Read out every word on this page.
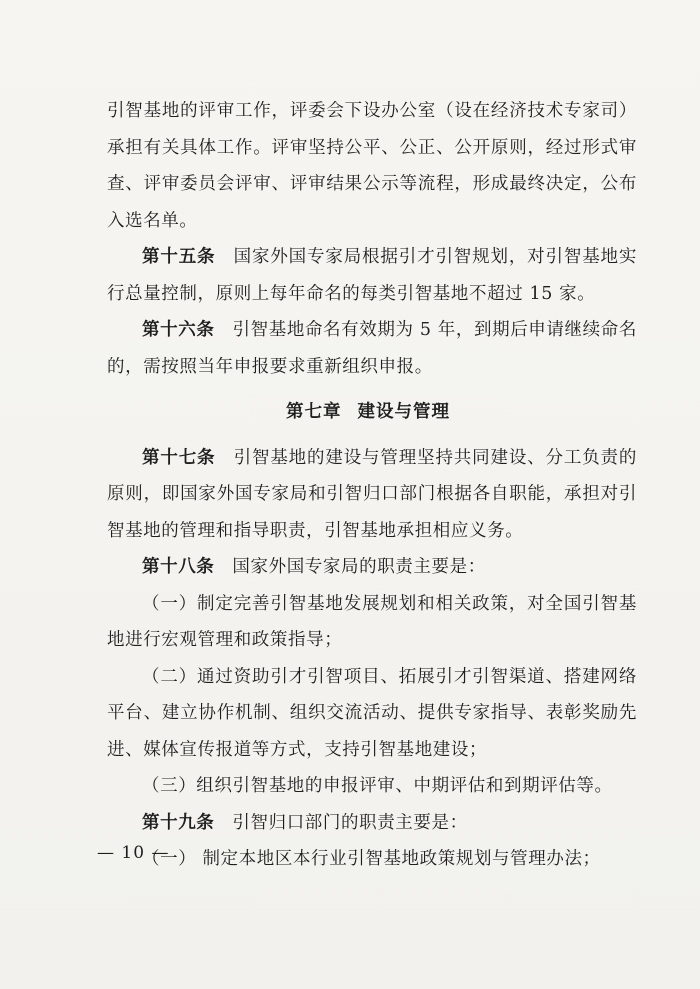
引智基地的评审工作，评委会下设办公室（设在经济技术专家司）承担有关具体工作。评审坚持公平、公正、公开原则，经过形式审查、评审委员会评审、评审结果公示等流程，形成最终决定，公布入选名单。

第十五条 国家外国专家局根据引才引智规划，对引智基地实行总量控制，原则上每年命名的每类引智基地不超过 15 家。

第十六条 引智基地命名有效期为 5 年，到期后申请继续命名的，需按照当年申报要求重新组织申报。

第七章 建设与管理

第十七条 引智基地的建设与管理坚持共同建设、分工负责的原则，即国家外国专家局和引智归口部门根据各自职能，承担对引智基地的管理和指导职责，引智基地承担相应义务。

第十八条 国家外国专家局的职责主要是：

（一）制定完善引智基地发展规划和相关政策，对全国引智基地进行宏观管理和政策指导；

（二）通过资助引才引智项目、拓展引才引智渠道、搭建网络平台、建立协作机制、组织交流活动、提供专家指导、表彰奖励先进、媒体宣传报道等方式，支持引智基地建设；

（三）组织引智基地的申报评审、中期评估和到期评估等。

第十九条 引智归口部门的职责主要是：

（一） 制定本地区本行业引智基地政策规划与管理办法；

— 10 —
